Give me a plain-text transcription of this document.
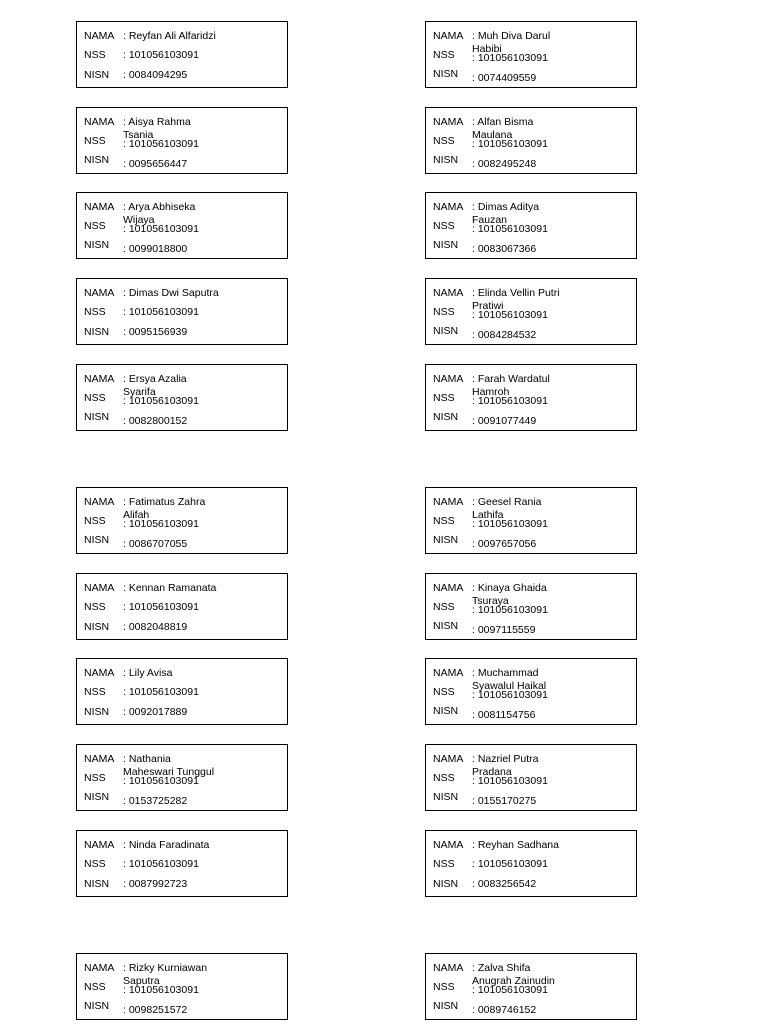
NAMA
NSS
NISN
: Reyfan Ali Alfaridzi
: 101056103091
: 0084094295
NAMA
NSS
NISN
: Muh Diva Darul
Habibi
: 101056103091
: 0074409559
NAMA
NSS
NISN
: Aisya Rahma
Tsania
: 101056103091
: 0095656447
NAMA
NSS
NISN
: Alfan Bisma
Maulana
: 101056103091
: 0082495248
NAMA
NSS
NISN
: Arya Abhiseka
Wijaya
: 101056103091
: 0099018800
NAMA
NSS
NISN
: Dimas Aditya
Fauzan
: 101056103091
: 0083067366
NAMA
NSS
NISN
: Dimas Dwi Saputra
: 101056103091
: 0095156939
NAMA
NSS
NISN
: Elinda Vellin Putri
Pratiwi
: 101056103091
: 0084284532
NAMA
NSS
NISN
: Ersya Azalia
Syarifa
: 101056103091
: 0082800152
NAMA
NSS
NISN
: Farah Wardatul
Hamroh
: 101056103091
: 0091077449
NAMA
NSS
NISN
: Fatimatus Zahra
Alifah
: 101056103091
: 0086707055
NAMA
NSS
NISN
: Geesel Rania
Lathifa
: 101056103091
: 0097657056
NAMA
NSS
NISN
: Kennan Ramanata
: 101056103091
: 0082048819
NAMA
NSS
NISN
: Kinaya Ghaida
Tsuraya
: 101056103091
: 0097115559
NAMA
NSS
NISN
: Lily Avisa
: 101056103091
: 0092017889
NAMA
NSS
NISN
: Muchammad
Syawalul Haikal
: 101056103091
: 0081154756
NAMA
NSS
NISN
: Nathania
Maheswari Tunggul
: 101056103091
: 0153725282
NAMA
NSS
NISN
: Nazriel Putra
Pradana
: 101056103091
: 0155170275
NAMA
NSS
NISN
: Ninda Faradinata
: 101056103091
: 0087992723
NAMA
NSS
NISN
: Reyhan Sadhana
: 101056103091
: 0083256542
NAMA
NSS
NISN
: Rizky Kurniawan
Saputra
: 101056103091
: 0098251572
NAMA
NSS
NISN
: Zalva Shifa
Anugrah Zainudin
: 101056103091
: 0089746152
